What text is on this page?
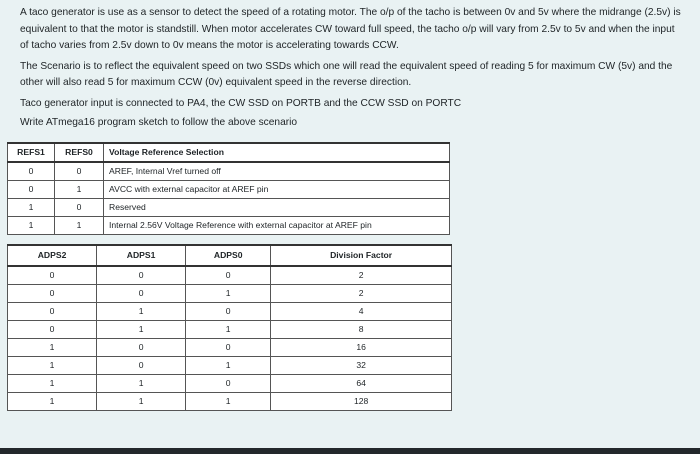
A taco generator is use as a sensor to detect the speed of a rotating motor. The o/p of the tacho is between 0v and 5v where the midrange (2.5v) is equivalent to that the motor is standstill. When motor accelerates CW toward full speed, the tacho o/p will vary from 2.5v to 5v and when the input of tacho varies from 2.5v down to 0v means the motor is accelerating towards CCW.

The Scenario is to reflect the equivalent speed on two SSDs which one will read the equivalent speed of reading 5 for maximum CW (5v) and the other will also read 5 for maximum CCW (0v) equivalent speed in the reverse direction.

Taco generator input is connected to PA4, the CW SSD on PORTB and the CCW SSD on PORTC

Write ATmega16 program sketch to follow the above scenario

REFS1	REFS0	Voltage Reference Selection
0	0	AREF, Internal Vref turned off
0	1	AVCC with external capacitor at AREF pin
1	0	Reserved
1	1	Internal 2.56V Voltage Reference with external capacitor at AREF pin
ADPS2	ADPS1	ADPS0	Division Factor
0	0	0	2
0	0	1	2
0	1	0	4
0	1	1	8
1	0	0	16
1	0	1	32
1	1	0	64
1	1	1	128
